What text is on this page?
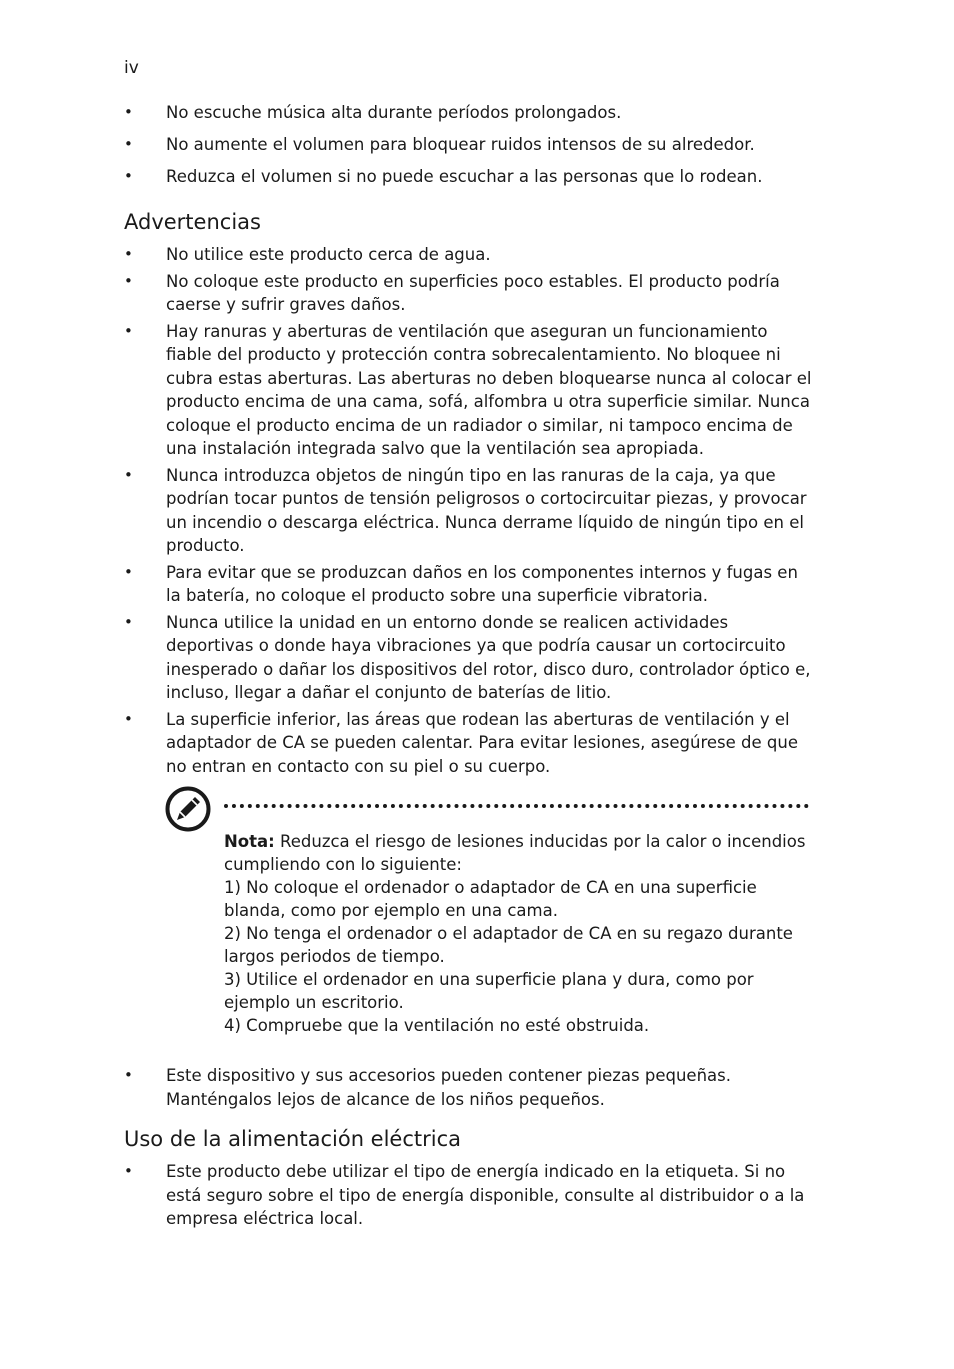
iv
• No escuche música alta durante períodos prolongados.
• No aumente el volumen para bloquear ruidos intensos de su alrededor.
• Reduzca el volumen si no puede escuchar a las personas que lo rodean.
Advertencias
• No utilice este producto cerca de agua.
• No coloque este producto en superficies poco estables. El producto podría caerse y sufrir graves daños.
• Hay ranuras y aberturas de ventilación que aseguran un funcionamiento fiable del producto y protección contra sobrecalentamiento. No bloquee ni cubra estas aberturas. Las aberturas no deben bloquearse nunca al colocar el producto encima de una cama, sofá, alfombra u otra superficie similar. Nunca coloque el producto encima de un radiador o similar, ni tampoco encima de una instalación integrada salvo que la ventilación sea apropiada.
• Nunca introduzca objetos de ningún tipo en las ranuras de la caja, ya que podrían tocar puntos de tensión peligrosos o cortocircuitar piezas, y provocar un incendio o descarga eléctrica. Nunca derrame líquido de ningún tipo en el producto.
• Para evitar que se produzcan daños en los componentes internos y fugas en la batería, no coloque el producto sobre una superficie vibratoria.
• Nunca utilice la unidad en un entorno donde se realicen actividades deportivas o donde haya vibraciones ya que podría causar un cortocircuito inesperado o dañar los dispositivos del rotor, disco duro, controlador óptico e, incluso, llegar a dañar el conjunto de baterías de litio.
• La superficie inferior, las áreas que rodean las aberturas de ventilación y el adaptador de CA se pueden calentar. Para evitar lesiones, asegúrese de que no entran en contacto con su piel o su cuerpo.
Nota: Reduzca el riesgo de lesiones inducidas por la calor o incendios cumpliendo con lo siguiente:
1) No coloque el ordenador o adaptador de CA en una superficie blanda, como por ejemplo en una cama.
2) No tenga el ordenador o el adaptador de CA en su regazo durante largos periodos de tiempo.
3) Utilice el ordenador en una superficie plana y dura, como por ejemplo un escritorio.
4) Compruebe que la ventilación no esté obstruida.
• Este dispositivo y sus accesorios pueden contener piezas pequeñas. Manténgalos lejos de alcance de los niños pequeños.
Uso de la alimentación eléctrica
• Este producto debe utilizar el tipo de energía indicado en la etiqueta. Si no está seguro sobre el tipo de energía disponible, consulte al distribuidor o a la empresa eléctrica local.
